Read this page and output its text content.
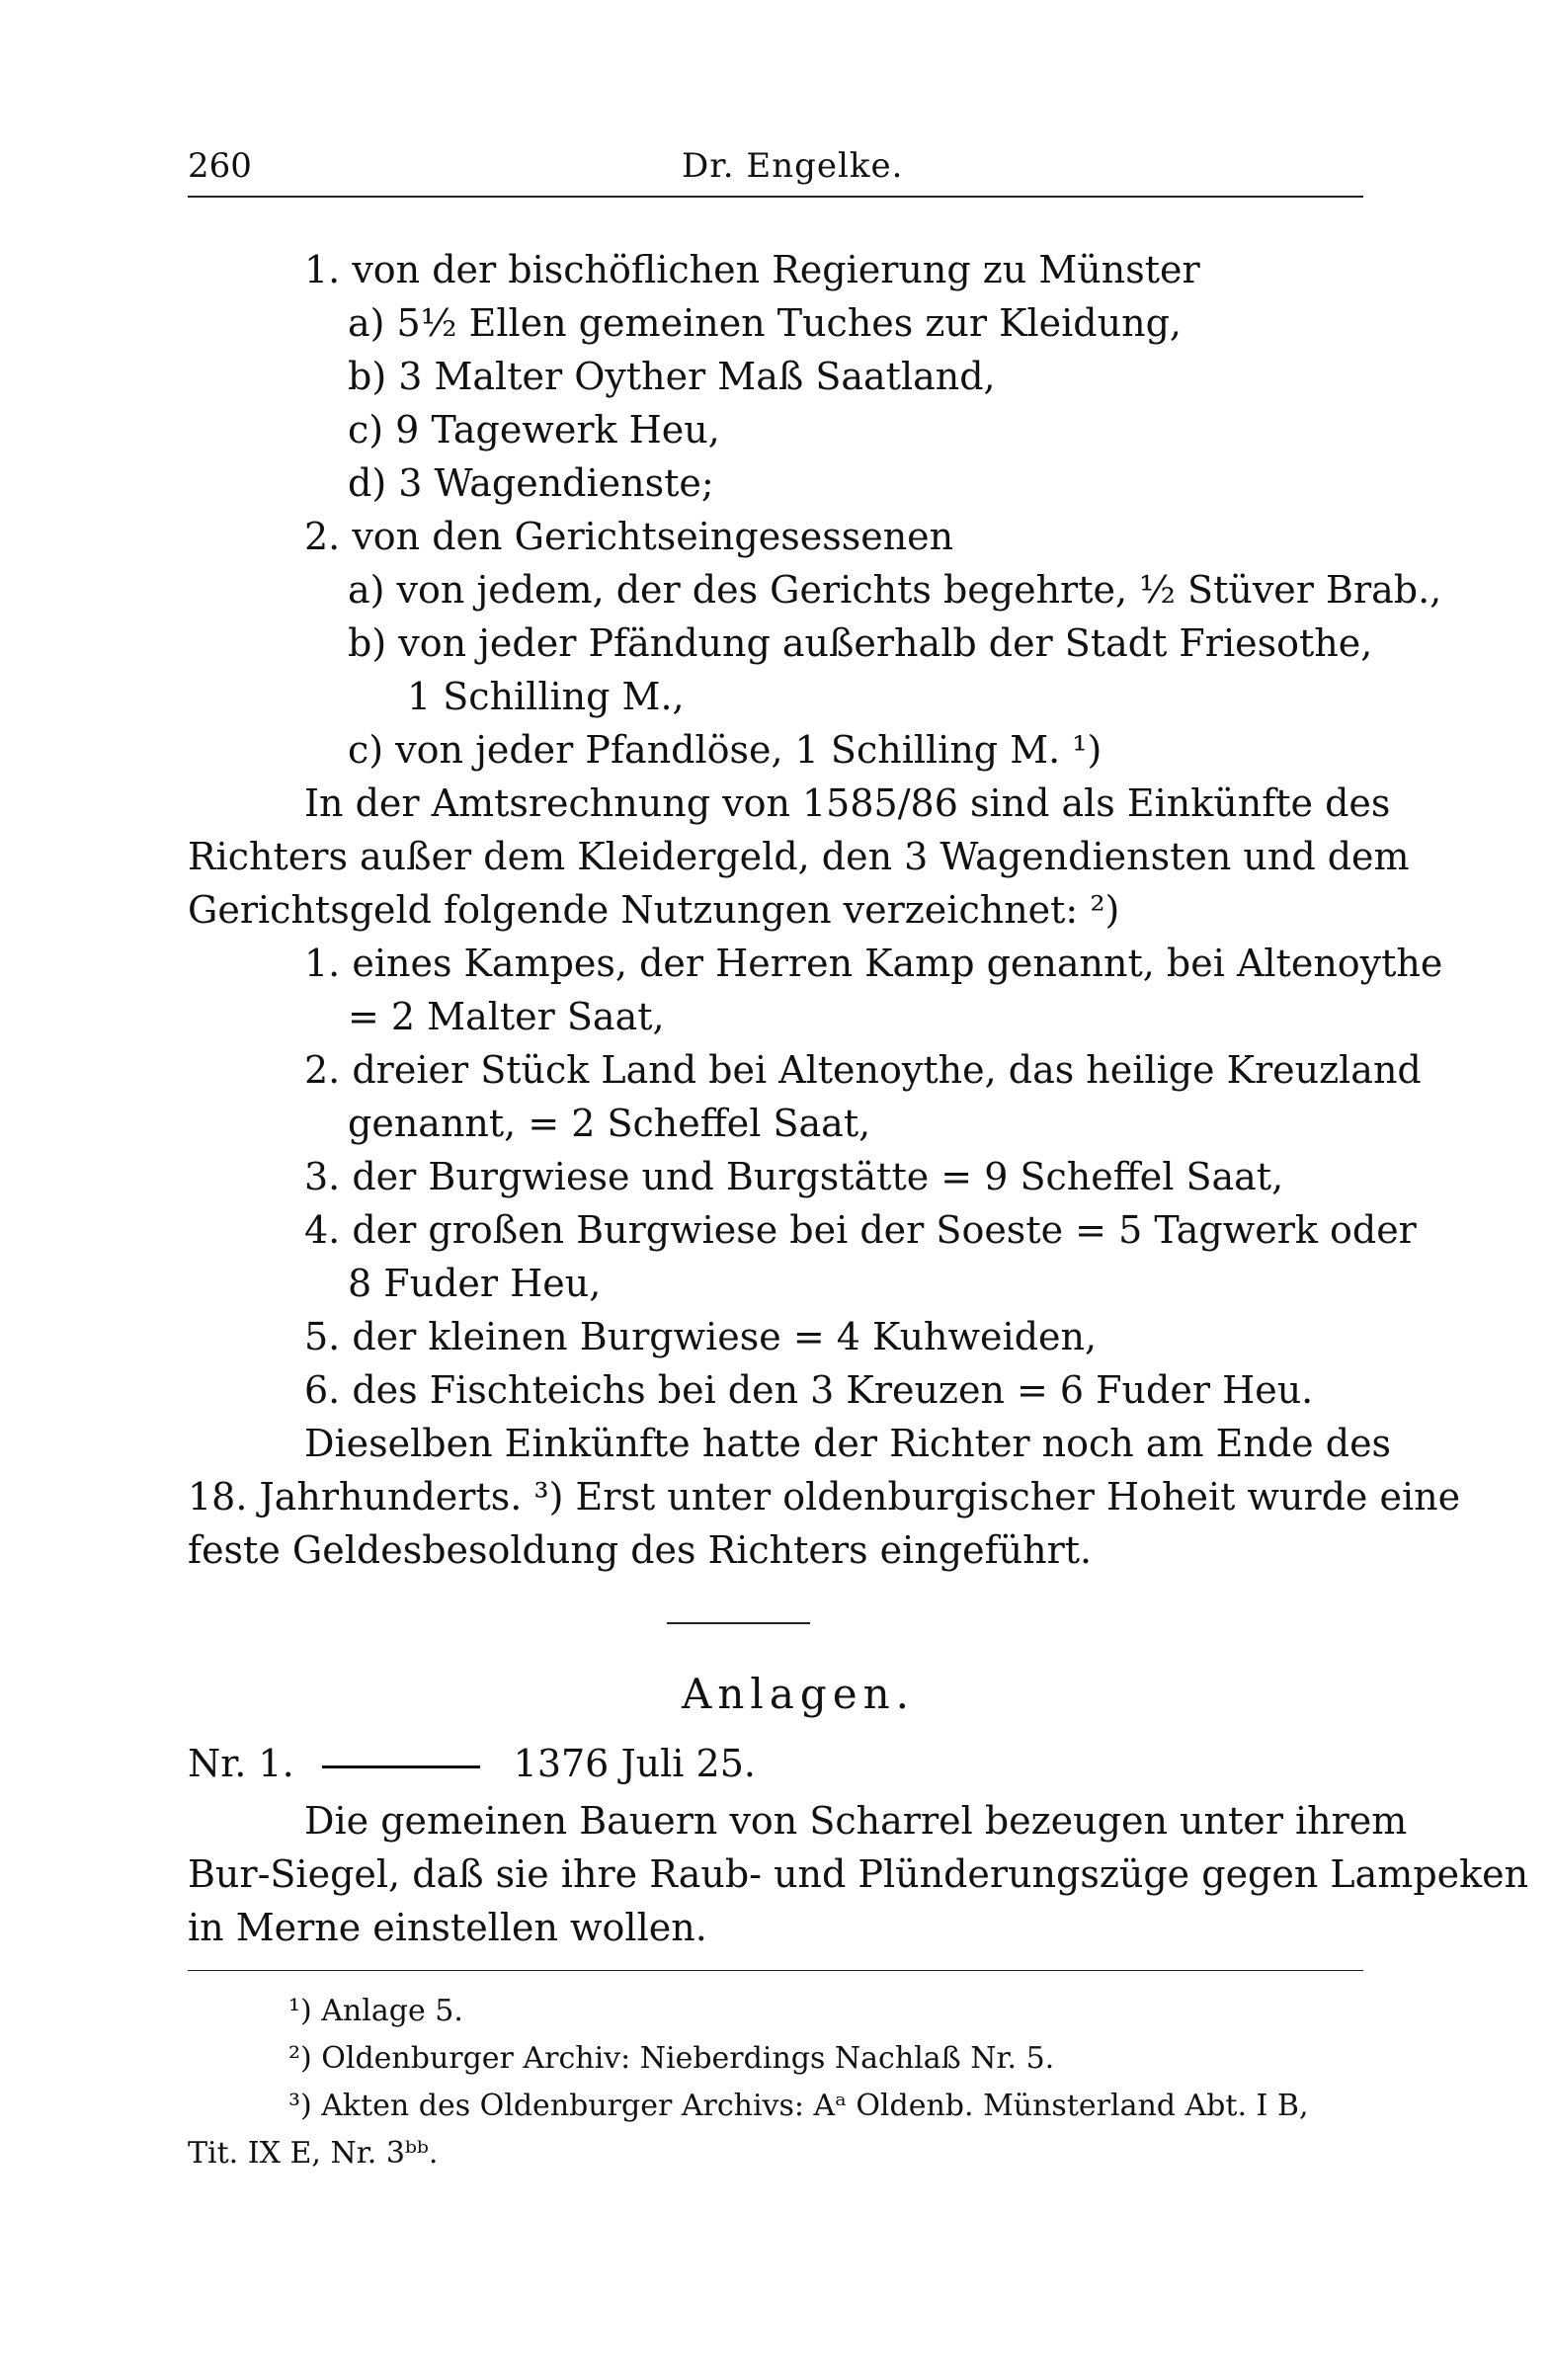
260	Dr. Engelke.
1. von der bischöflichen Regierung zu Münster
a) 5½ Ellen gemeinen Tuches zur Kleidung,
b) 3 Malter Oyther Maß Saatland,
c) 9 Tagewerk Heu,
d) 3 Wagendienste;
2. von den Gerichtseingesessenen
a) von jedem, der des Gerichts begehrte, ½ Stüver Brab.,
b) von jeder Pfändung außerhalb der Stadt Friesothe,
1 Schilling M.,
c) von jeder Pfandlöse, 1 Schilling M. ¹)
In der Amtsrechnung von 1585/86 sind als Einkünfte des
Richters außer dem Kleidergeld, den 3 Wagendiensten und dem
Gerichtsgeld folgende Nutzungen verzeichnet: ²)
1. eines Kampes, der Herren Kamp genannt, bei Altenoythe
= 2 Malter Saat,
2. dreier Stück Land bei Altenoythe, das heilige Kreuzland
genannt, = 2 Scheffel Saat,
3. der Burgwiese und Burgstätte = 9 Scheffel Saat,
4. der großen Burgwiese bei der Soeste = 5 Tagwerk oder
8 Fuder Heu,
5. der kleinen Burgwiese = 4 Kuhweiden,
6. des Fischteichs bei den 3 Kreuzen = 6 Fuder Heu.
Dieselben Einkünfte hatte der Richter noch am Ende des
18. Jahrhunderts. ³) Erst unter oldenburgischer Hoheit wurde eine
feste Geldesbesoldung des Richters eingeführt.
Anlagen.
Nr. 1.	1376 Juli 25.
Die gemeinen Bauern von Scharrel bezeugen unter ihrem
Bur-Siegel, daß sie ihre Raub- und Plünderungszüge gegen Lampeken
in Merne einstellen wollen.
¹) Anlage 5.
²) Oldenburger Archiv: Nieberdings Nachlaß Nr. 5.
³) Akten des Oldenburger Archivs: Aᵃ Oldenb. Münsterland Abt. I B,
Tit. IX E, Nr. 3ᵇᵇ.
